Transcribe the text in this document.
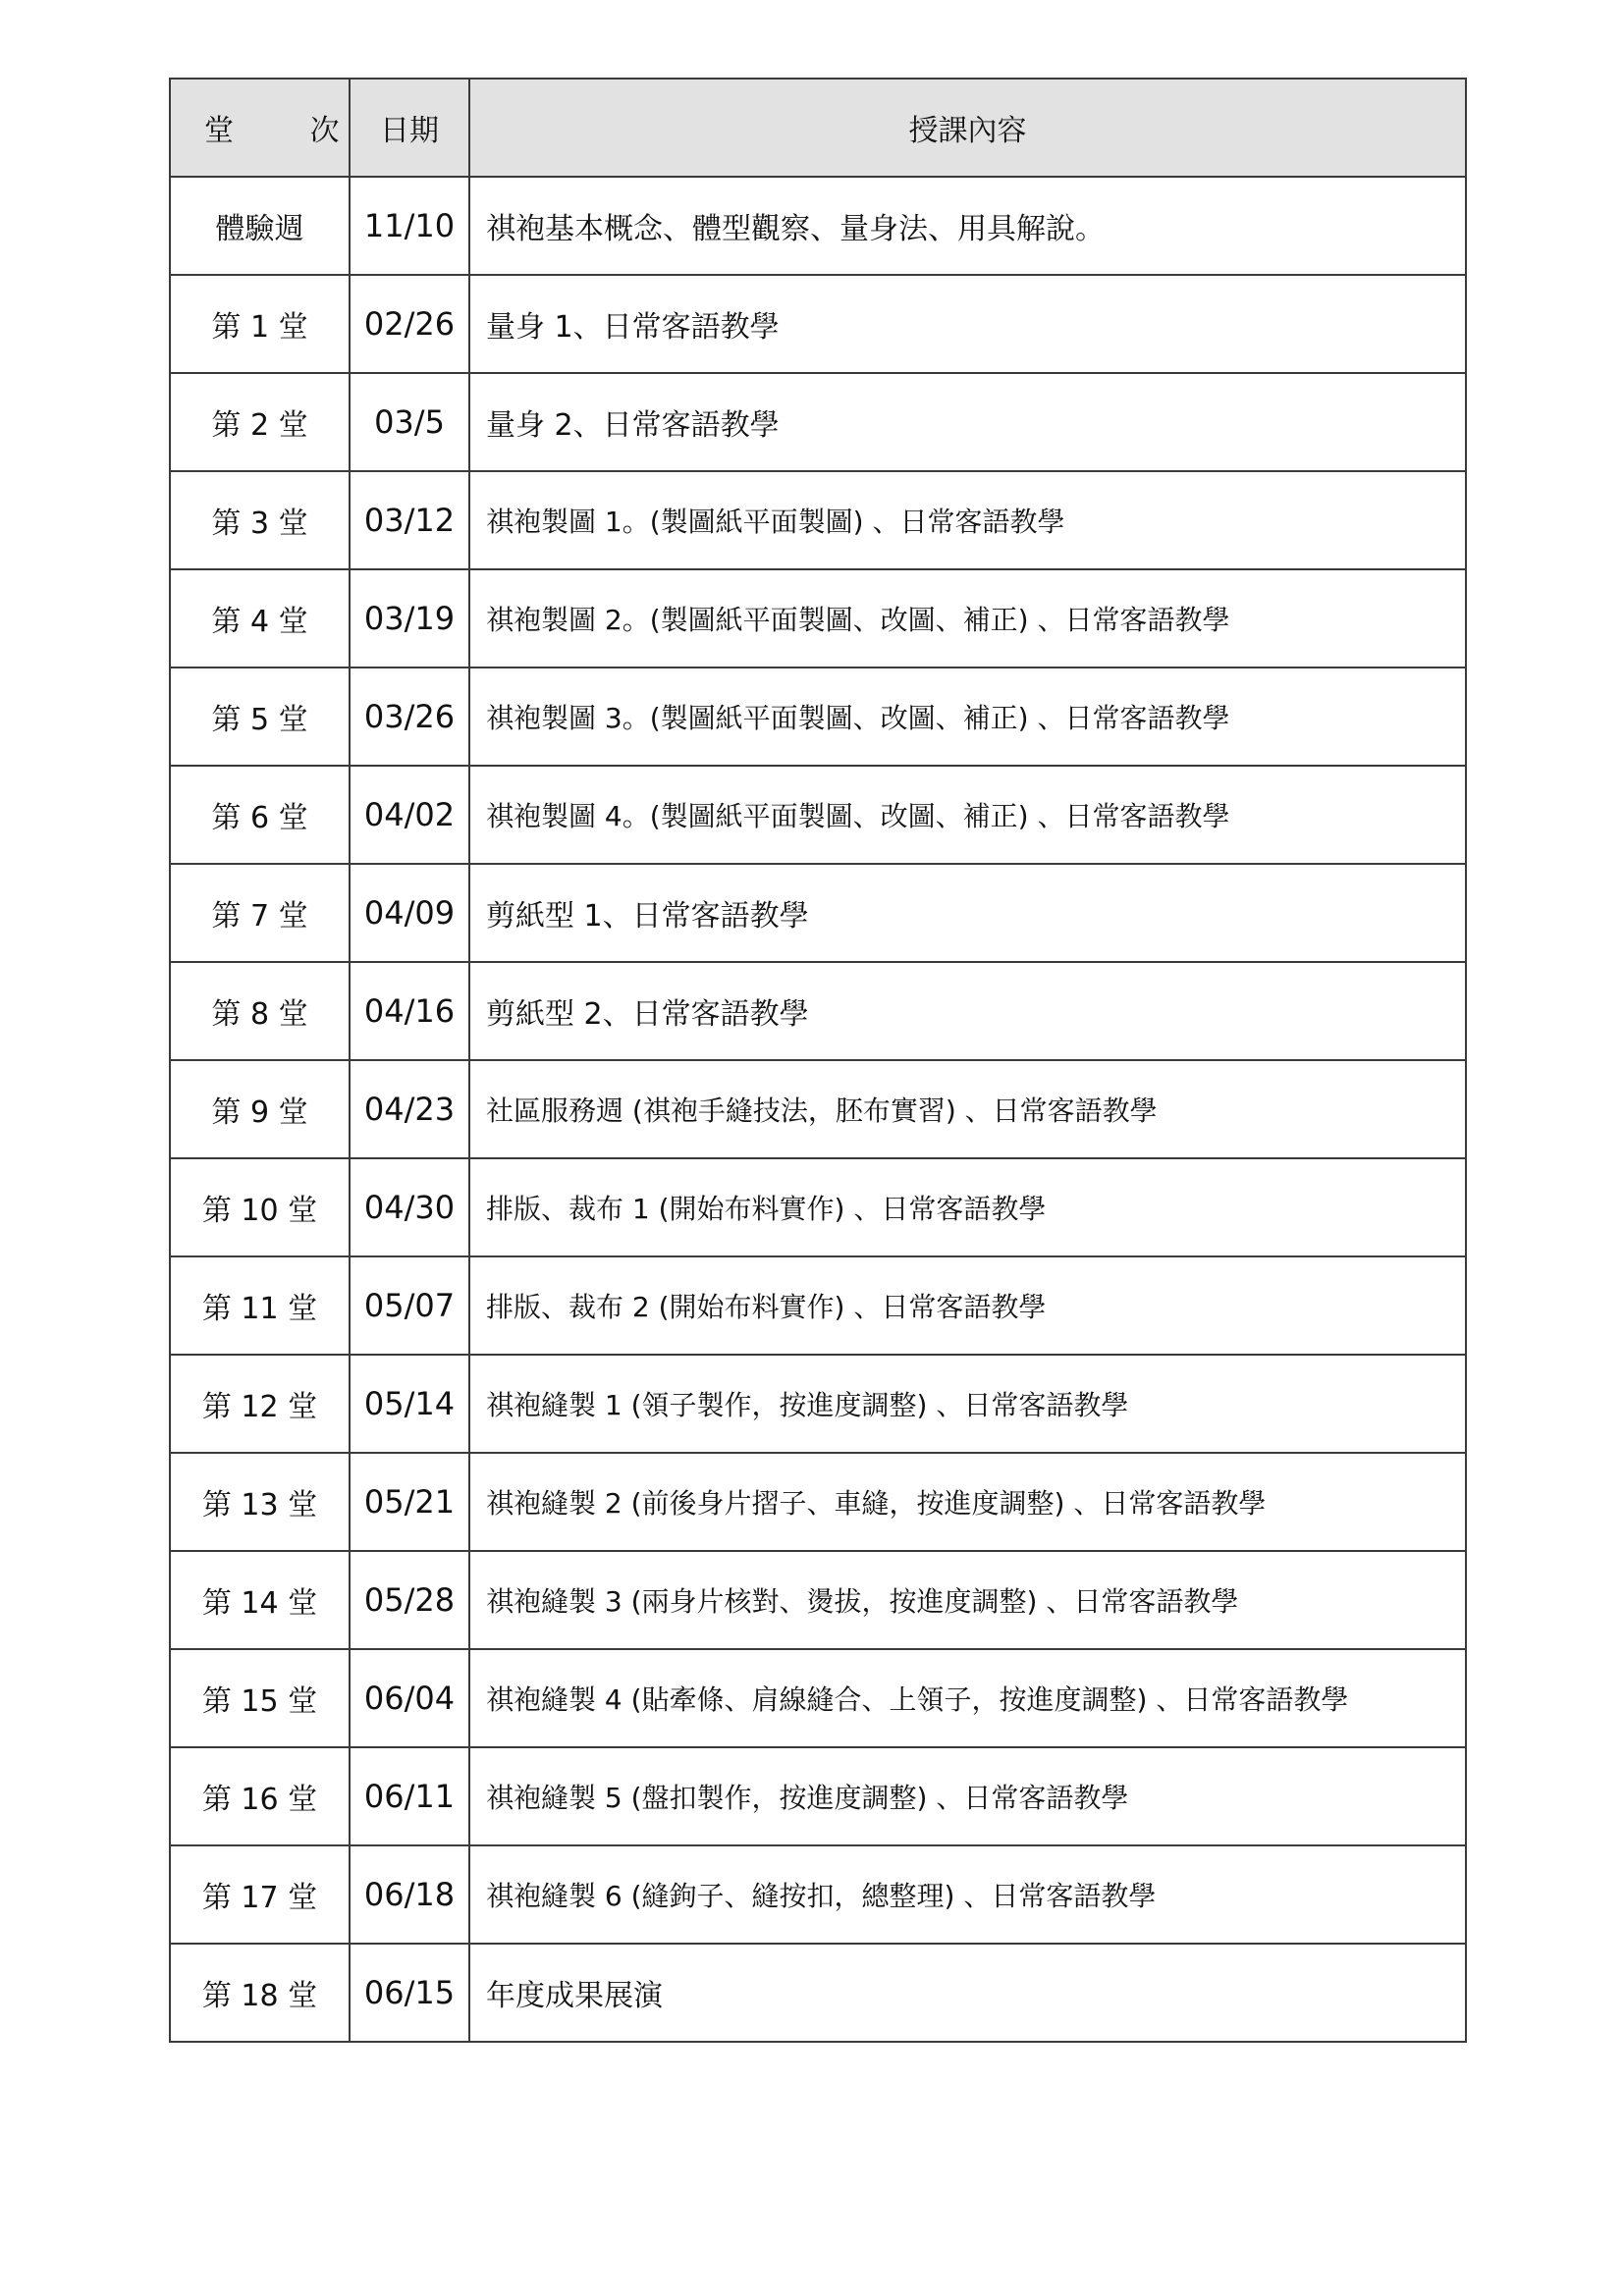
堂 次	日期	授課內容
體驗週	11/10	祺袍基本概念、體型觀察、量身法、用具解說。
第 1 堂	02/26	量身 1、日常客語教學
第 2 堂	03/5	量身 2、日常客語教學
第 3 堂	03/12	祺袍製圖 1。(製圖紙平面製圖) 、日常客語教學
第 4 堂	03/19	祺袍製圖 2。(製圖紙平面製圖、改圖、補正) 、日常客語教學
第 5 堂	03/26	祺袍製圖 3。(製圖紙平面製圖、改圖、補正) 、日常客語教學
第 6 堂	04/02	祺袍製圖 4。(製圖紙平面製圖、改圖、補正) 、日常客語教學
第 7 堂	04/09	剪紙型 1、日常客語教學
第 8 堂	04/16	剪紙型 2、日常客語教學
第 9 堂	04/23	社區服務週 (祺袍手縫技法，胚布實習) 、日常客語教學
第 10 堂	04/30	排版、裁布 1 (開始布料實作) 、日常客語教學
第 11 堂	05/07	排版、裁布 2 (開始布料實作) 、日常客語教學
第 12 堂	05/14	祺袍縫製 1 (領子製作，按進度調整) 、日常客語教學
第 13 堂	05/21	祺袍縫製 2 (前後身片摺子、車縫，按進度調整) 、日常客語教學
第 14 堂	05/28	祺袍縫製 3 (兩身片核對、燙拔，按進度調整) 、日常客語教學
第 15 堂	06/04	祺袍縫製 4 (貼牽條、肩線縫合、上領子，按進度調整) 、日常客語教學
第 16 堂	06/11	祺袍縫製 5 (盤扣製作，按進度調整) 、日常客語教學
第 17 堂	06/18	祺袍縫製 6 (縫鉤子、縫按扣，總整理) 、日常客語教學
第 18 堂	06/15	年度成果展演
